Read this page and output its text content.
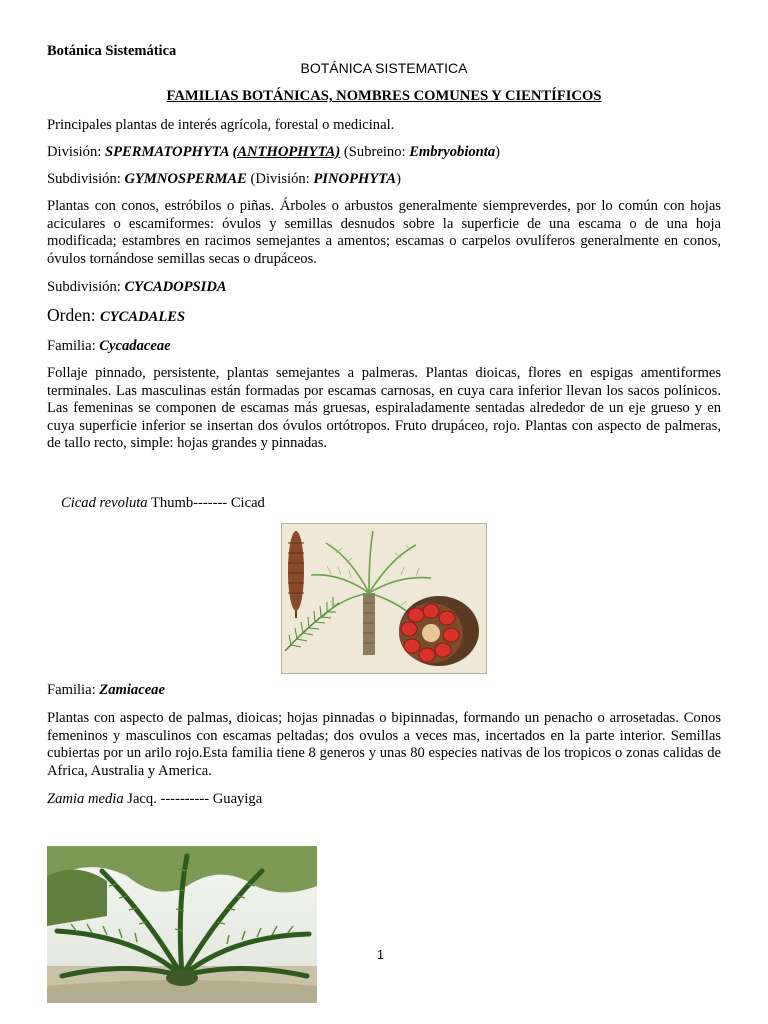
Botánica Sistemática
BOTÁNICA SISTEMATICA
FAMILIAS BOTÁNICAS, NOMBRES COMUNES Y CIENTÍFICOS

Principales plantas de interés agrícola, forestal o medicinal.

División: SPERMATOPHYTA (ANTHOPHYTA) (Subreino: Embryobionta)

Subdivisión: GYMNOSPERMAE (División: PINOPHYTA)

Plantas con conos, estróbilos o piñas. Árboles o arbustos generalmente siempreverdes, por lo común con hojas aciculares o escamiformes: óvulos y semillas desnudos sobre la superficie de una escama o de una hoja modificada; estambres en racimos semejantes a amentos; escamas o carpelos ovulíferos generalmente en conos, óvulos tornándose semillas secas o drupáceos.

Subdivisión: CYCADOPSIDA

Orden: CYCADALES

Familia: Cycadaceae

Follaje pinnado, persistente, plantas semejantes a palmeras. Plantas dioicas, flores en espigas amentiformes terminales. Las masculinas están formadas por escamas carnosas, en cuya cara inferior llevan los sacos polínicos. Las femeninas se componen de escamas más gruesas, espiraladamente sentadas alrededor de un eje grueso y en cuya superficie inferior se insertan dos óvulos ortótropos. Fruto drupáceo, rojo. Plantas con aspecto de palmeras, de tallo recto, simple: hojas grandes y pinnadas.

Cicad revoluta Thumb------- Cicad

Familia: Zamiaceae

Plantas con aspecto de palmas, dioicas; hojas pinnadas o bipinnadas, formando un penacho o arrosetadas. Conos femeninos y masculinos con escamas peltadas; dos ovulos a veces mas, incertados en la parte interior. Semillas cubiertas por un arilo rojo.Esta familia tiene 8 generos y unas 80 especies nativas de los tropicos o zonas calidas de Africa, Australia y America.

Zamia media Jacq. ---------- Guayiga

1
